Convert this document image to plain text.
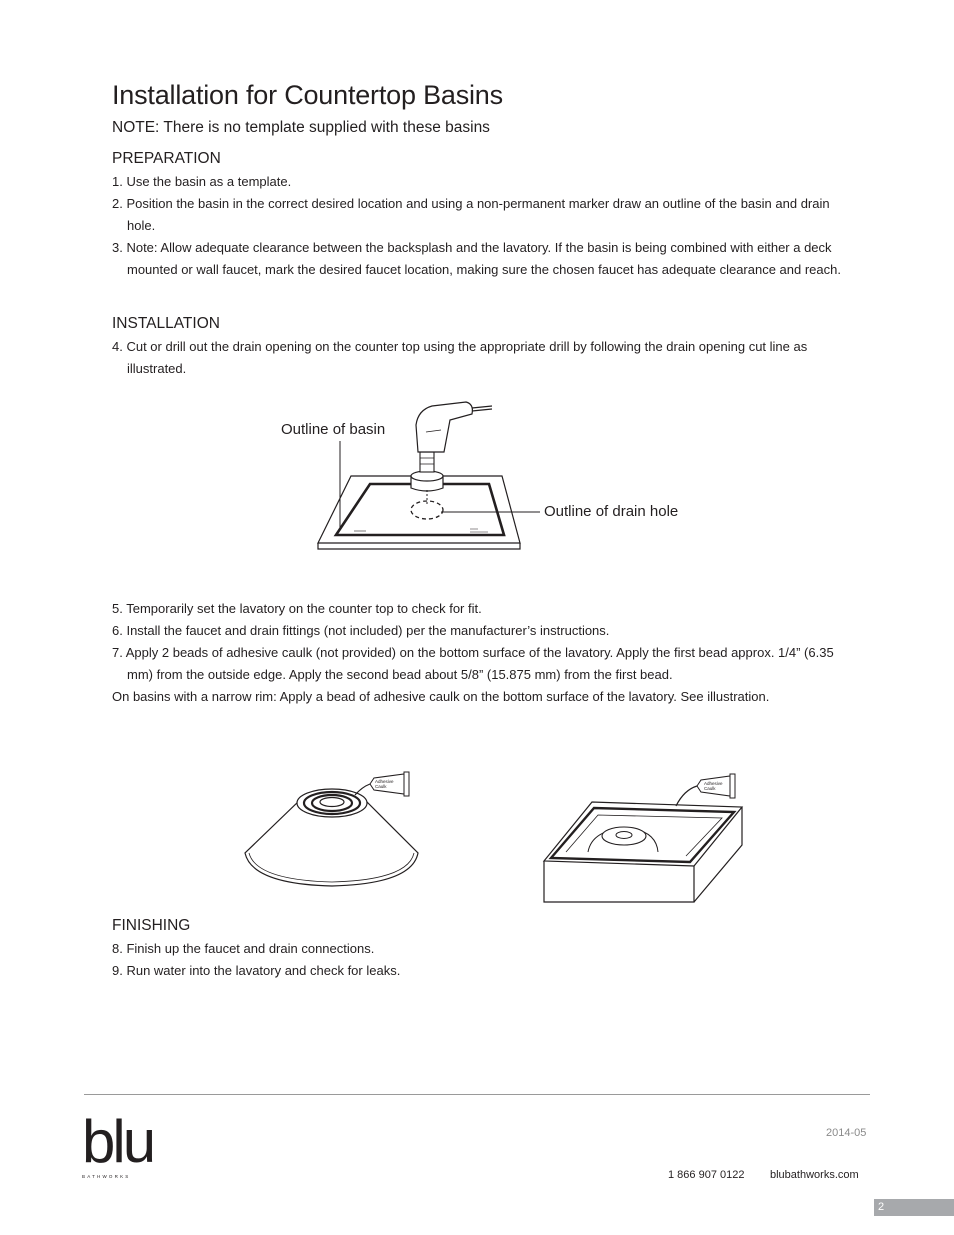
Installation for Countertop Basins

NOTE: There is no template supplied with these basins

PREPARATION
1. Use the basin as a template.
2. Position the basin in the correct desired location and using a non-permanent marker draw an outline of the basin and drain hole.
3. Note: Allow adequate clearance between the backsplash and the lavatory. If the basin is being combined with either a deck mounted or wall faucet, mark the desired faucet location, making sure the chosen faucet has adequate clearance and reach.
INSTALLATION
4. Cut or drill out the drain opening on the counter top using the appropriate drill by following the drain opening cut line as illustrated.
Outline of basin
Outline of drain hole
5. Temporarily set the lavatory on the counter top to check for fit.
6. Install the faucet and drain fittings (not included) per the manufacturer’s instructions.
7. Apply 2 beads of adhesive caulk (not provided) on the bottom surface of the lavatory. Apply the first bead approx. 1/4” (6.35 mm) from the outside edge. Apply the second bead about 5/8” (15.875 mm) from the first bead.

On basins with a narrow rim: Apply a bead of adhesive caulk on the bottom surface of the lavatory. See illustration.

Adhesive
Caulk
Adhesive
Caulk
FINISHING
8. Finish up the faucet and drain connections.
9. Run water into the lavatory and check for leaks.
blu
BATHWORKS
2014-05
1 866 907 0122 blubathworks.com
2
